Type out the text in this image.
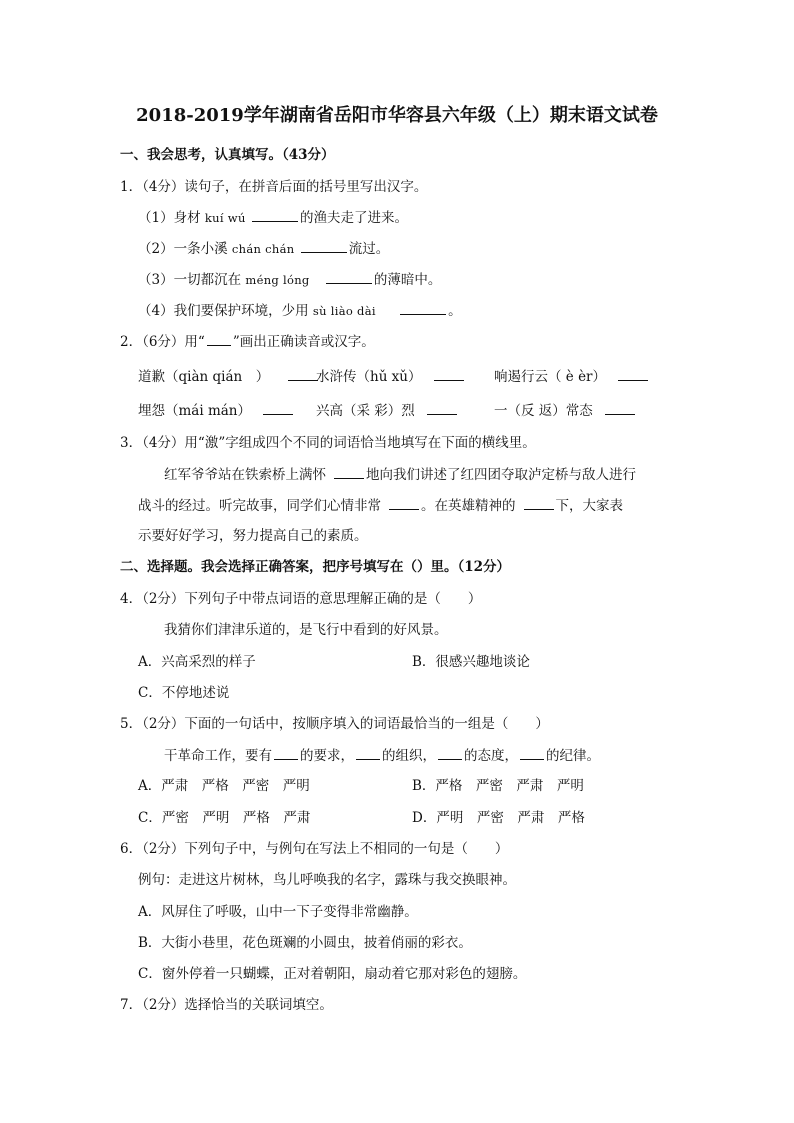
2018-2019学年湖南省岳阳市华容县六年级（上）期末语文试卷
一、我会思考，认真填写。（43分）
1．（4分）读句子，在拼音后面的括号里写出汉字。
（1）身材 kuí wú	的渔夫走了进来。
（2）一条小溪 chán chán	流过。
（3）一切都沉在 méng lóng	的薄暗中。
（4）我们要保护环境，少用 sù liào dài	。
2．（6分）用“ ”画出正确读音或汉字。
道歉（qiàn qián　）	水浒传（hǔ xǔ）	响遏行云（ è èr）
埋怨（mái mán）	兴高（采 彩）烈	一（反 返）常态
3．（4分）用“激”字组成四个不同的词语恰当地填写在下面的横线里。
红军爷爷站在铁索桥上满怀	地向我们讲述了红四团夺取泸定桥与敌人进行
战斗的经过。听完故事，同学们心情非常	。在英雄精神的	下，大家表
示要好好学习，努力提高自己的素质。
二、选择题。我会选择正确答案，把序号填写在（）里。（12分）
4．（2分）下列句子中带点词语的意思理解正确的是（　　）
我猜你们津津乐道的，是飞行中看到的好风景。
A．兴高采烈的样子	B．很感兴趣地谈论
C．不停地述说
5．（2分）下面的一句话中，按顺序填入的词语最恰当的一组是（　　）
干革命工作，要有 的要求， 的组织， 的态度， 的纪律。
A．严肃　严格　严密　严明	B．严格　严密　严肃　严明
C．严密　严明　严格　严肃	D．严明　严密　严肃　严格
6．（2分）下列句子中，与例句在写法上不相同的一句是（　　）
例句：走进这片树林，鸟儿呼唤我的名字，露珠与我交换眼神。
A．风屏住了呼吸，山中一下子变得非常幽静。
B．大街小巷里，花色斑斓的小圆虫，披着俏丽的彩衣。
C．窗外停着一只蝴蝶，正对着朝阳，扇动着它那对彩色的翅膀。
7．（2分）选择恰当的关联词填空。
